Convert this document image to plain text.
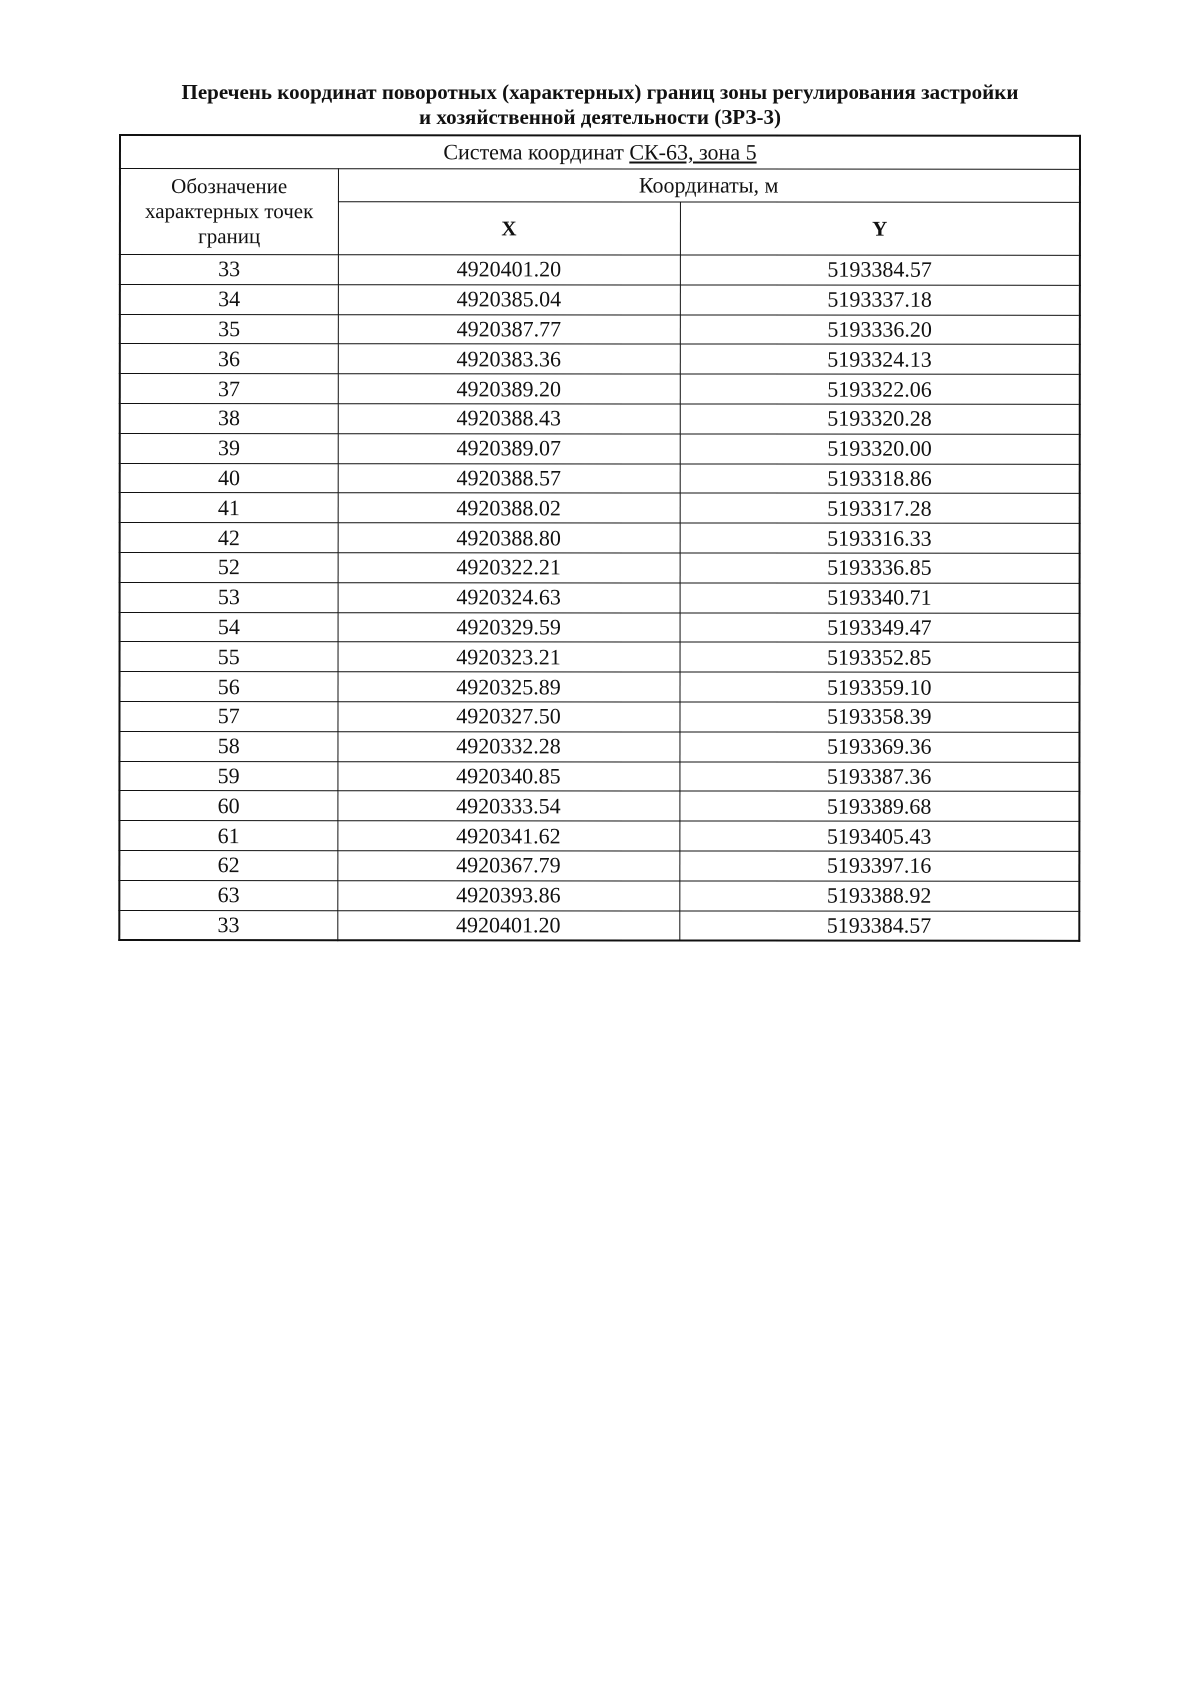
Перечень координат поворотных (характерных) границ зоны регулирования застройки
и хозяйственной деятельности (ЗРЗ-3)
Система координат СК-63, зона 5		
Обозначение характерных точек границ	Координаты, м	
	X	Y
33	4920401.20	5193384.57
34	4920385.04	5193337.18
35	4920387.77	5193336.20
36	4920383.36	5193324.13
37	4920389.20	5193322.06
38	4920388.43	5193320.28
39	4920389.07	5193320.00
40	4920388.57	5193318.86
41	4920388.02	5193317.28
42	4920388.80	5193316.33
52	4920322.21	5193336.85
53	4920324.63	5193340.71
54	4920329.59	5193349.47
55	4920323.21	5193352.85
56	4920325.89	5193359.10
57	4920327.50	5193358.39
58	4920332.28	5193369.36
59	4920340.85	5193387.36
60	4920333.54	5193389.68
61	4920341.62	5193405.43
62	4920367.79	5193397.16
63	4920393.86	5193388.92
33	4920401.20	5193384.57
